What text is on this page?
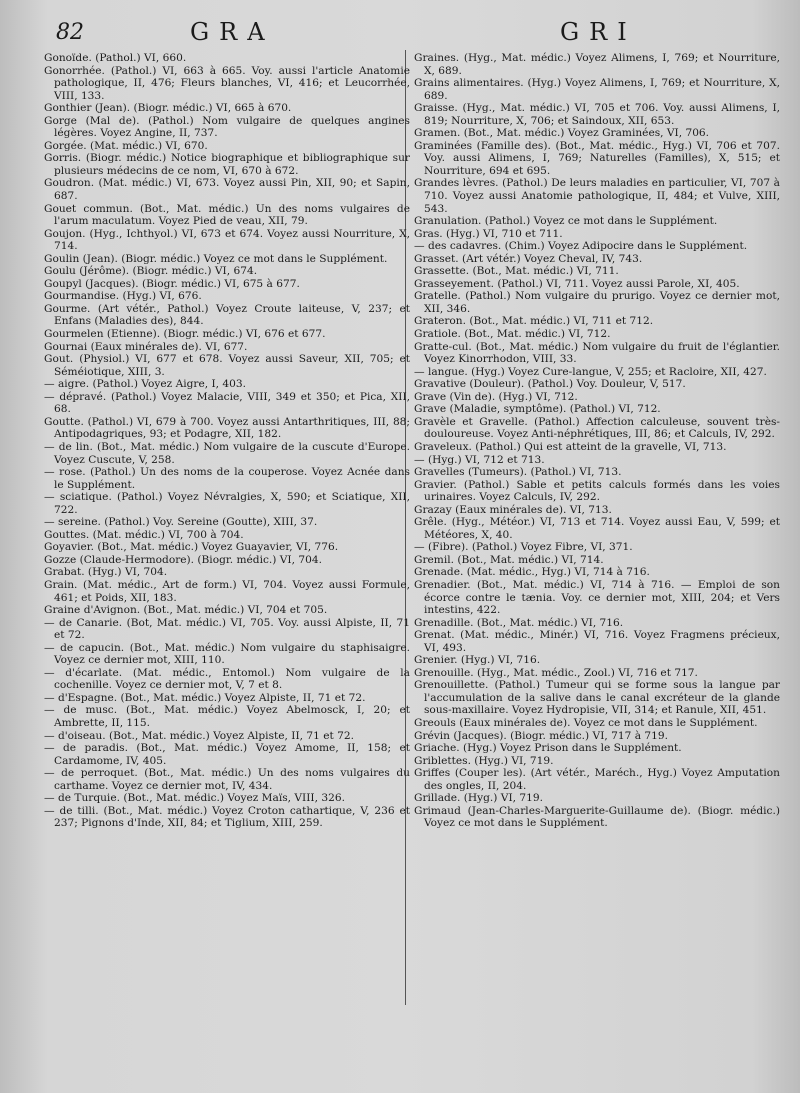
82	GRA	GRI

Gonoïde. (Pathol.) VI, 660.

Gonorrhée. (Pathol.) VI, 663 à 665. Voy. aussi l'article Anatomie pathologique, II, 476; Fleurs blanches, VI, 416; et Leucorrhée, VIII, 133.

Gonthier (Jean). (Biogr. médic.) VI, 665 à 670.

Gorge (Mal de). (Pathol.) Nom vulgaire de quelques angines légères. Voyez Angine, II, 737.

Gorgée. (Mat. médic.) VI, 670.

Gorris. (Biogr. médic.) Notice biographique et bibliographique sur plusieurs médecins de ce nom, VI, 670 à 672.

Goudron. (Mat. médic.) VI, 673. Voyez aussi Pin, XII, 90; et Sapin, 687.

Gouet commun. (Bot., Mat. médic.) Un des noms vulgaires de l'arum maculatum. Voyez Pied de veau, XII, 79.

Goujon. (Hyg., Ichthyol.) VI, 673 et 674. Voyez aussi Nourriture, X, 714.

Goulin (Jean). (Biogr. médic.) Voyez ce mot dans le Supplément.

Goulu (Jérôme). (Biogr. médic.) VI, 674.

Goupyl (Jacques). (Biogr. médic.) VI, 675 à 677.

Gourmandise. (Hyg.) VI, 676.

Gourme. (Art vétér., Pathol.) Voyez Croute laiteuse, V, 237; et Enfans (Maladies des), 844.

Gourmelen (Etienne). (Biogr. médic.) VI, 676 et 677.

Gournai (Eaux minérales de). VI, 677.

Gout. (Physiol.) VI, 677 et 678. Voyez aussi Saveur, XII, 705; et Séméiotique, XIII, 3.

— aigre. (Pathol.) Voyez Aigre, I, 403.

— dépravé. (Pathol.) Voyez Malacie, VIII, 349 et 350; et Pica, XII, 68.

Goutte. (Pathol.) VI, 679 à 700. Voyez aussi Antarthritiques, III, 88; Antipodagriques, 93; et Podagre, XII, 182.

— de lin. (Bot., Mat. médic.) Nom vulgaire de la cuscute d'Europe. Voyez Cuscute, V, 258.

— rose. (Pathol.) Un des noms de la couperose. Voyez Acnée dans le Supplément.

— sciatique. (Pathol.) Voyez Névralgies, X, 590; et Sciatique, XII, 722.

— sereine. (Pathol.) Voy. Sereine (Goutte), XIII, 37.

Gouttes. (Mat. médic.) VI, 700 à 704.

Goyavier. (Bot., Mat. médic.) Voyez Guayavier, VI, 776.

Gozze (Claude-Hermodore). (Biogr. médic.) VI, 704.

Grabat. (Hyg.) VI, 704.

Grain. (Mat. médic., Art de form.) VI, 704. Voyez aussi Formule, 461; et Poids, XII, 183.

Graine d'Avignon. (Bot., Mat. médic.) VI, 704 et 705.

— de Canarie. (Bot, Mat. médic.) VI, 705. Voy. aussi Alpiste, II, 71 et 72.

— de capucin. (Bot., Mat. médic.) Nom vulgaire du staphisaigre. Voyez ce dernier mot, XIII, 110.

— d'écarlate. (Mat. médic., Entomol.) Nom vulgaire de la cochenille. Voyez ce dernier mot, V, 7 et 8.

— d'Espagne. (Bot., Mat. médic.) Voyez Alpiste, II, 71 et 72.

— de musc. (Bot., Mat. médic.) Voyez Abelmosck, I, 20; et Ambrette, II, 115.

— d'oiseau. (Bot., Mat. médic.) Voyez Alpiste, II, 71 et 72.

— de paradis. (Bot., Mat. médic.) Voyez Amome, II, 158; et Cardamome, IV, 405.

— de perroquet. (Bot., Mat. médic.) Un des noms vulgaires du carthame. Voyez ce dernier mot, IV, 434.

— de Turquie. (Bot., Mat. médic.) Voyez Maïs, VIII, 326.

— de tilli. (Bot., Mat. médic.) Voyez Croton cathartique, V, 236 et 237; Pignons d'Inde, XII, 84; et Tiglium, XIII, 259.

Graines. (Hyg., Mat. médic.) Voyez Alimens, I, 769; et Nourriture, X, 689.

Grains alimentaires. (Hyg.) Voyez Alimens, I, 769; et Nourriture, X, 689.

Graisse. (Hyg., Mat. médic.) VI, 705 et 706. Voy. aussi Alimens, I, 819; Nourriture, X, 706; et Saindoux, XII, 653.

Gramen. (Bot., Mat. médic.) Voyez Graminées, VI, 706.

Graminées (Famille des). (Bot., Mat. médic., Hyg.) VI, 706 et 707. Voy. aussi Alimens, I, 769; Naturelles (Familles), X, 515; et Nourriture, 694 et 695.

Grandes lèvres. (Pathol.) De leurs maladies en particulier, VI, 707 à 710. Voyez aussi Anatomie pathologique, II, 484; et Vulve, XIII, 543.

Granulation. (Pathol.) Voyez ce mot dans le Supplément.

Gras. (Hyg.) VI, 710 et 711.

— des cadavres. (Chim.) Voyez Adipocire dans le Supplément.

Grasset. (Art vétér.) Voyez Cheval, IV, 743.

Grassette. (Bot., Mat. médic.) VI, 711.

Grasseyement. (Pathol.) VI, 711. Voyez aussi Parole, XI, 405.

Gratelle. (Pathol.) Nom vulgaire du prurigo. Voyez ce dernier mot, XII, 346.

Grateron. (Bot., Mat. médic.) VI, 711 et 712.

Gratiole. (Bot., Mat. médic.) VI, 712.

Gratte-cul. (Bot., Mat. médic.) Nom vulgaire du fruit de l'églantier. Voyez Kinorrhodon, VIII, 33.

— langue. (Hyg.) Voyez Cure-langue, V, 255; et Racloire, XII, 427.

Gravative (Douleur). (Pathol.) Voy. Douleur, V, 517.

Grave (Vin de). (Hyg.) VI, 712.

Grave (Maladie, symptôme). (Pathol.) VI, 712.

Gravèle et Gravelle. (Pathol.) Affection calculeuse, souvent très-douloureuse. Voyez Anti-néphrétiques, III, 86; et Calculs, IV, 292.

Graveleux. (Pathol.) Qui est atteint de la gravelle, VI, 713.

— (Hyg.) VI, 712 et 713.

Gravelles (Tumeurs). (Pathol.) VI, 713.

Gravier. (Pathol.) Sable et petits calculs formés dans les voies urinaires. Voyez Calculs, IV, 292.

Grazay (Eaux minérales de). VI, 713.

Grêle. (Hyg., Météor.) VI, 713 et 714. Voyez aussi Eau, V, 599; et Météores, X, 40.

— (Fibre). (Pathol.) Voyez Fibre, VI, 371.

Gremil. (Bot., Mat. médic.) VI, 714.

Grenade. (Mat. médic., Hyg.) VI, 714 à 716.

Grenadier. (Bot., Mat. médic.) VI, 714 à 716. — Emploi de son écorce contre le tænia. Voy. ce dernier mot, XIII, 204; et Vers intestins, 422.

Grenadille. (Bot., Mat. médic.) VI, 716.

Grenat. (Mat. médic., Minér.) VI, 716. Voyez Fragmens précieux, VI, 493.

Grenier. (Hyg.) VI, 716.

Grenouille. (Hyg., Mat. médic., Zool.) VI, 716 et 717.

Grenouillette. (Pathol.) Tumeur qui se forme sous la langue par l'accumulation de la salive dans le canal excréteur de la glande sous-maxillaire. Voyez Hydropisie, VII, 314; et Ranule, XII, 451.

Greouls (Eaux minérales de). Voyez ce mot dans le Supplément.

Grévin (Jacques). (Biogr. médic.) VI, 717 à 719.

Griache. (Hyg.) Voyez Prison dans le Supplément.

Griblettes. (Hyg.) VI, 719.

Griffes (Couper les). (Art vétér., Maréch., Hyg.) Voyez Amputation des ongles, II, 204.

Grillade. (Hyg.) VI, 719.

Grimaud (Jean-Charles-Marguerite-Guillaume de). (Biogr. médic.) Voyez ce mot dans le Supplément.
